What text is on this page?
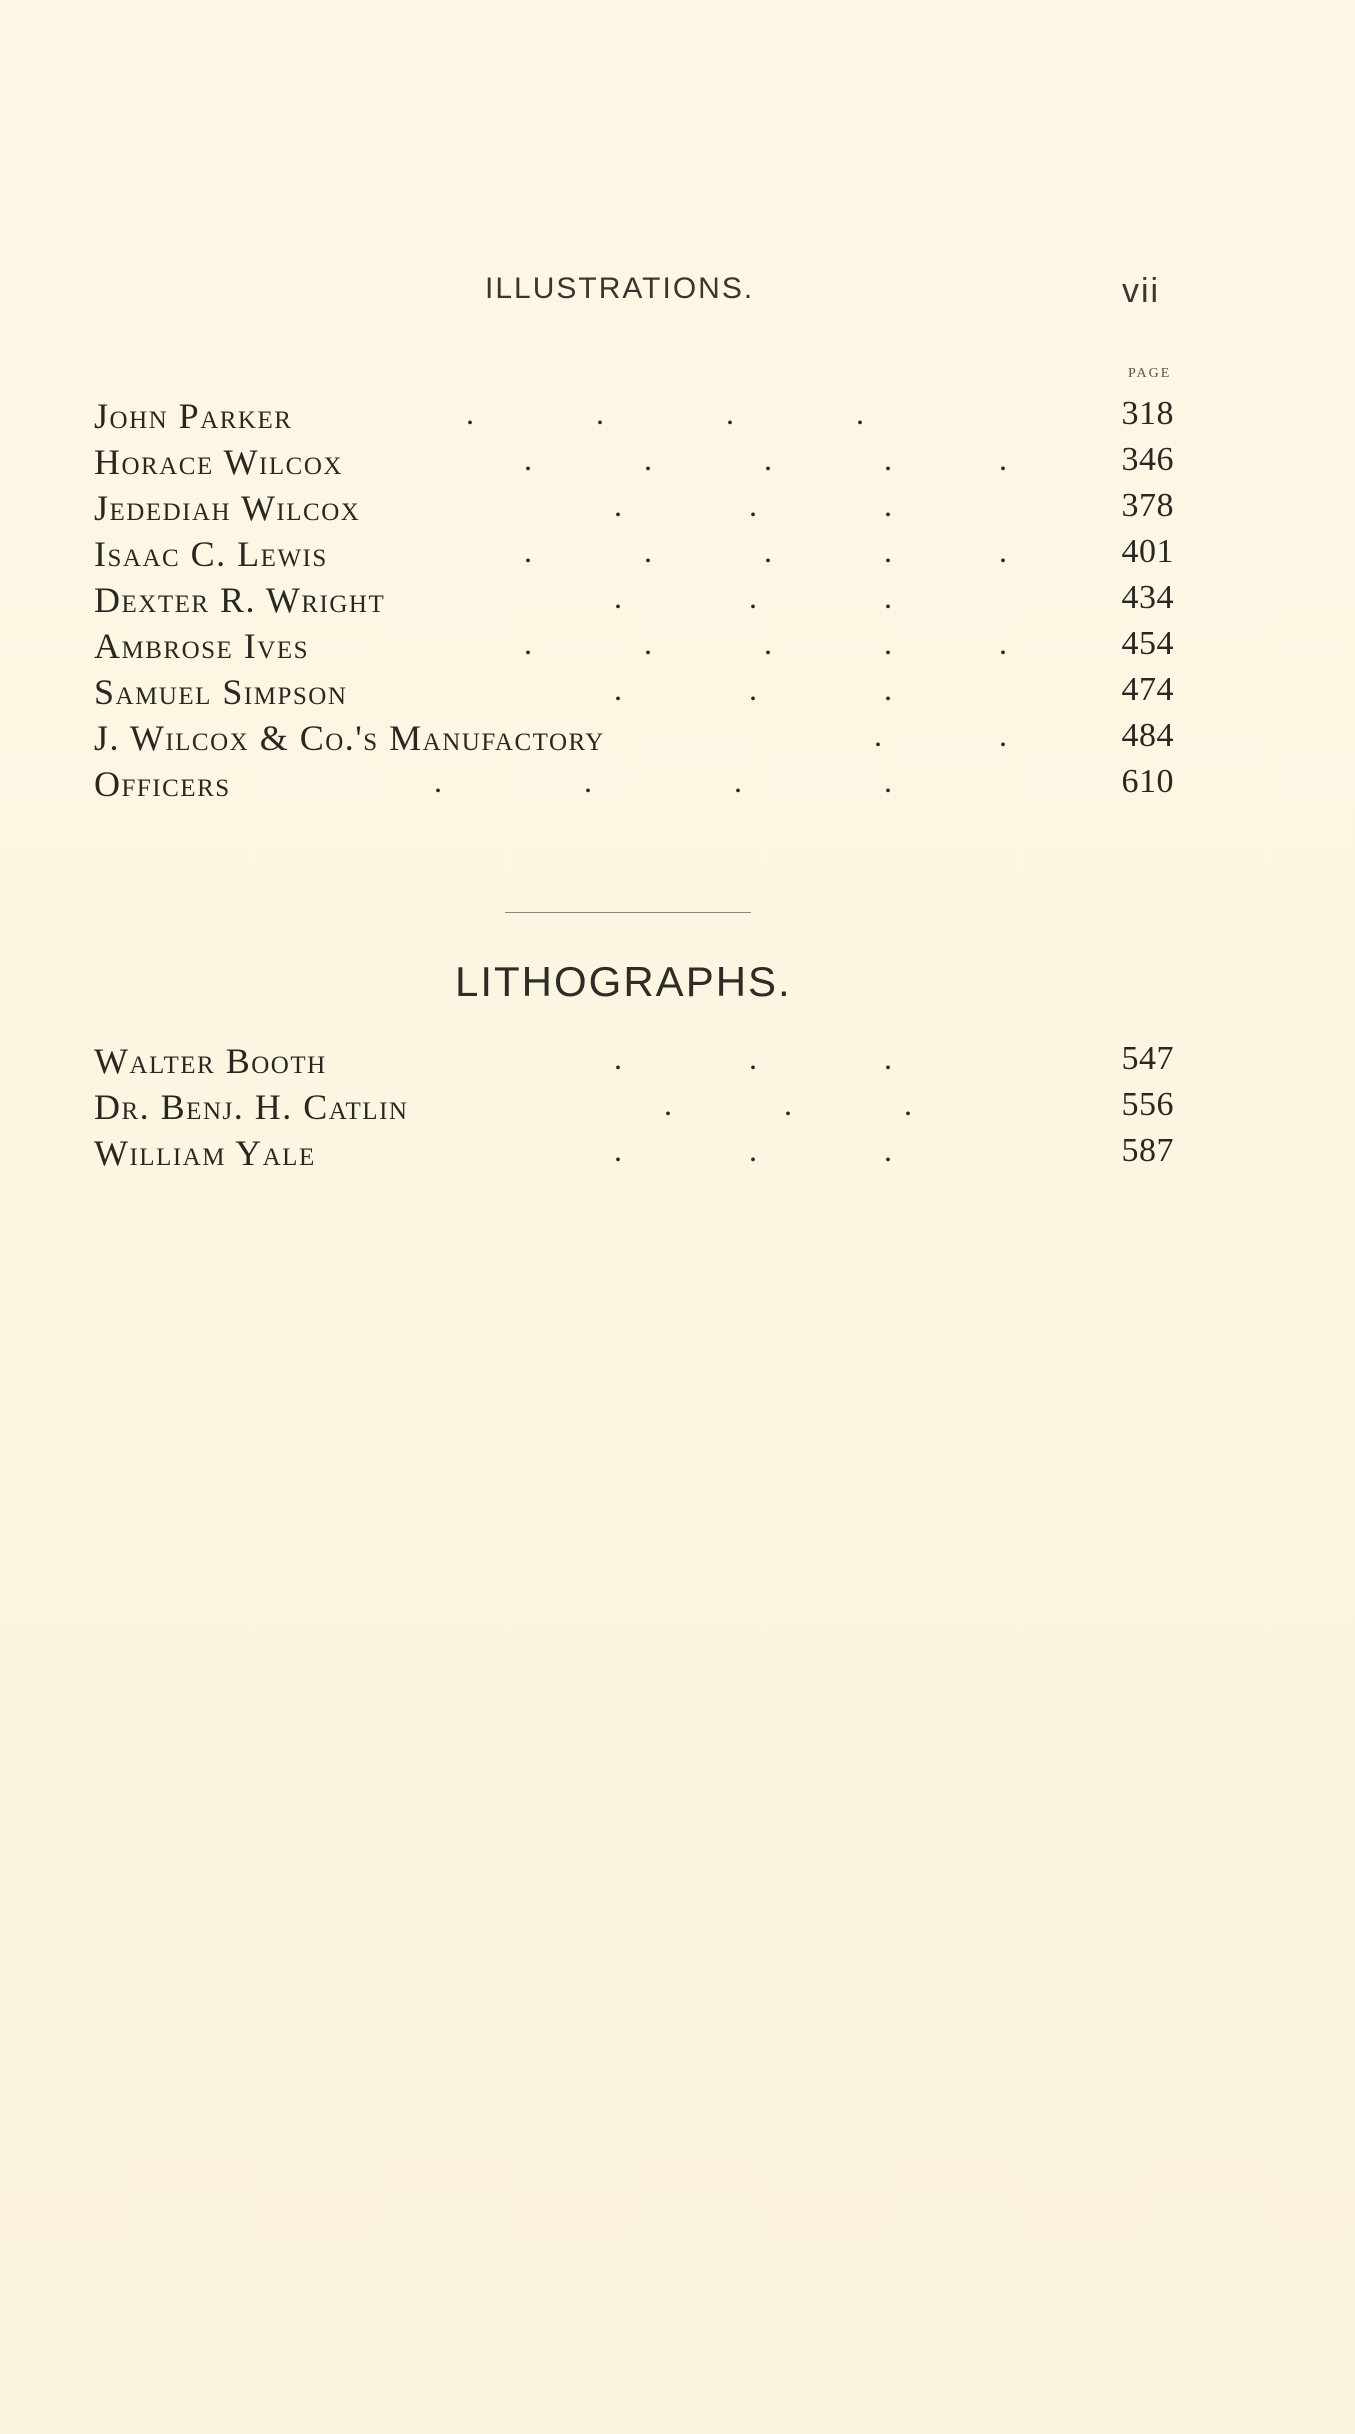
ILLUSTRATIONS.	vii
PAGE
John Parker	.	.	.	.	318
Horace Wilcox	.	.	.	.	.	346
Jedediah Wilcox	.	.	.	378
Isaac C. Lewis	.	.	.	.	.	401
Dexter R. Wright	.	.	.	434
Ambrose Ives	.	.	.	.	.	454
Samuel Simpson	.	.	.	474
J. Wilcox & Co.'s Manufactory	.	.	484
Officers	.	.	.	.	610
LITHOGRAPHS.
Walter Booth	.	.	.	547
Dr. Benj. H. Catlin	.	.	.	556
William Yale	.	.	.	587
